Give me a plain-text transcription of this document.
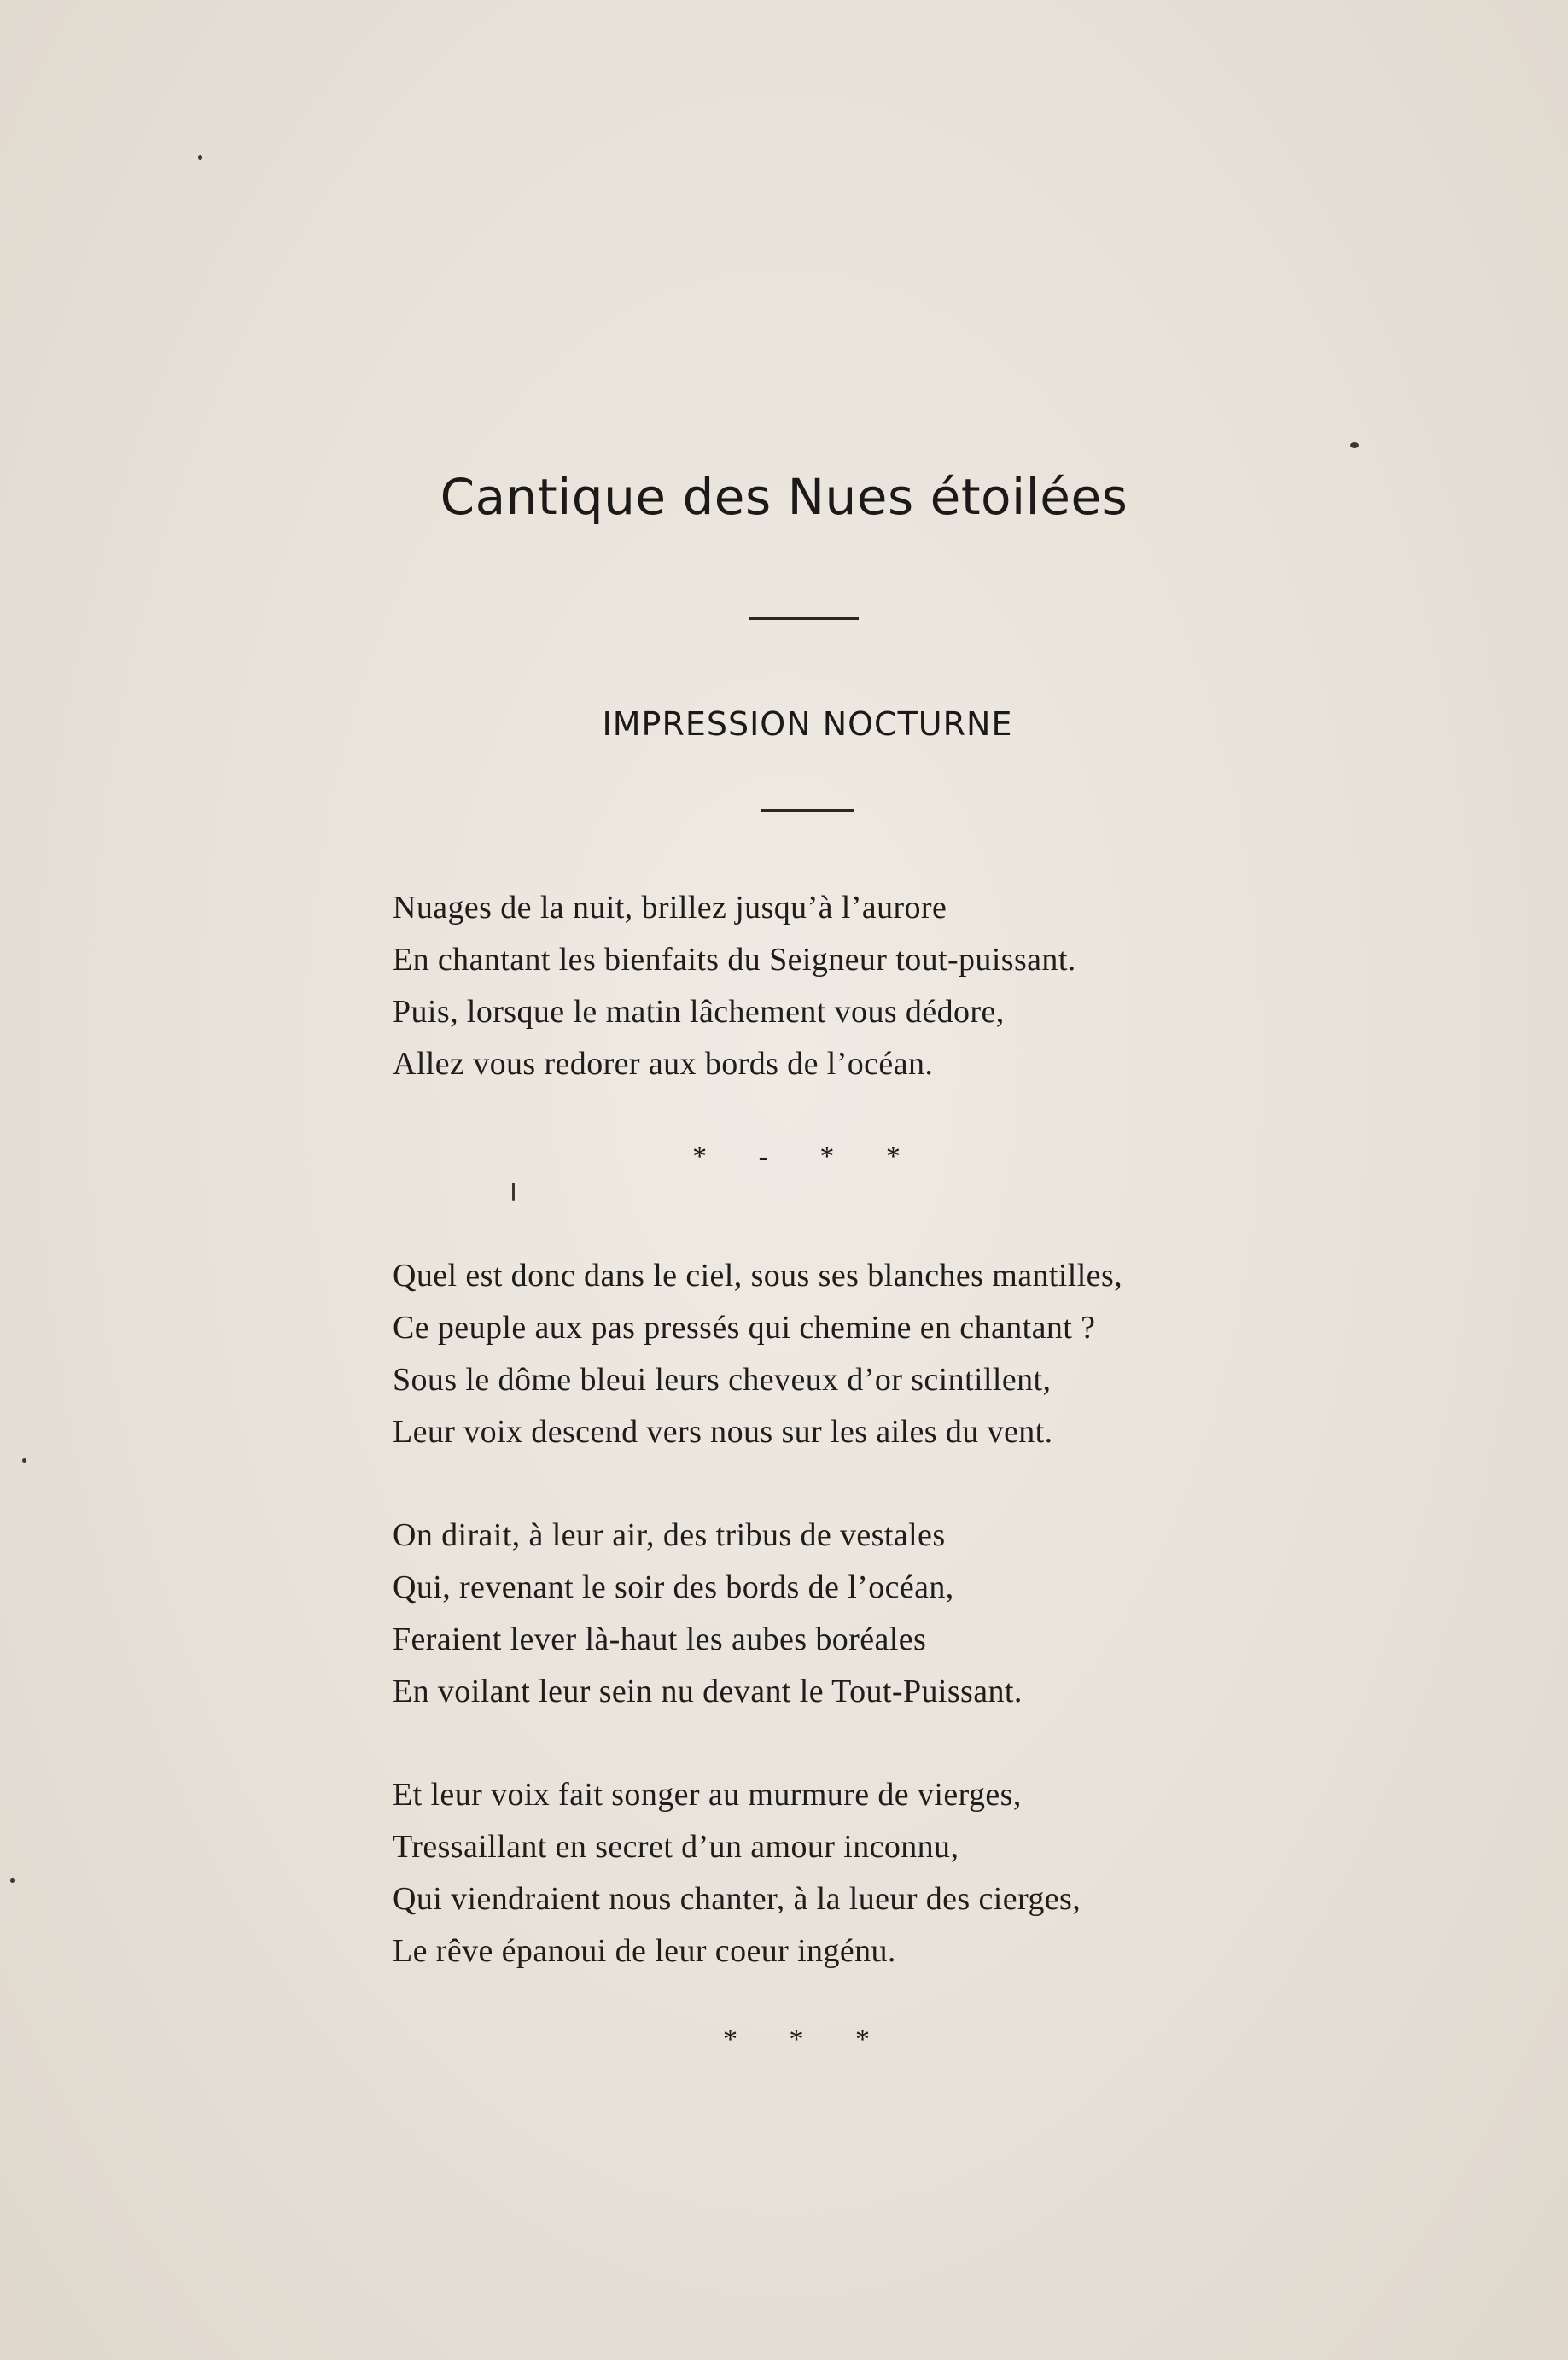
Cantique des Nues étoilées
IMPRESSION NOCTURNE
Nuages de la nuit, brillez jusqu’à l’aurore
En chantant les bienfaits du Seigneur tout-puissant.
Puis, lorsque le matin lâchement vous dédore,
Allez vous redorer aux bords de l’océan.
* - * *
Quel est donc dans le ciel, sous ses blanches mantilles,
Ce peuple aux pas pressés qui chemine en chantant ?
Sous le dôme bleui leurs cheveux d’or scintillent,
Leur voix descend vers nous sur les ailes du vent.
On dirait, à leur air, des tribus de vestales
Qui, revenant le soir des bords de l’océan,
Feraient lever là-haut les aubes boréales
En voilant leur sein nu devant le Tout-Puissant.
Et leur voix fait songer au murmure de vierges,
Tressaillant en secret d’un amour inconnu,
Qui viendraient nous chanter, à la lueur des cierges,
Le rêve épanoui de leur coeur ingénu.
* * *
